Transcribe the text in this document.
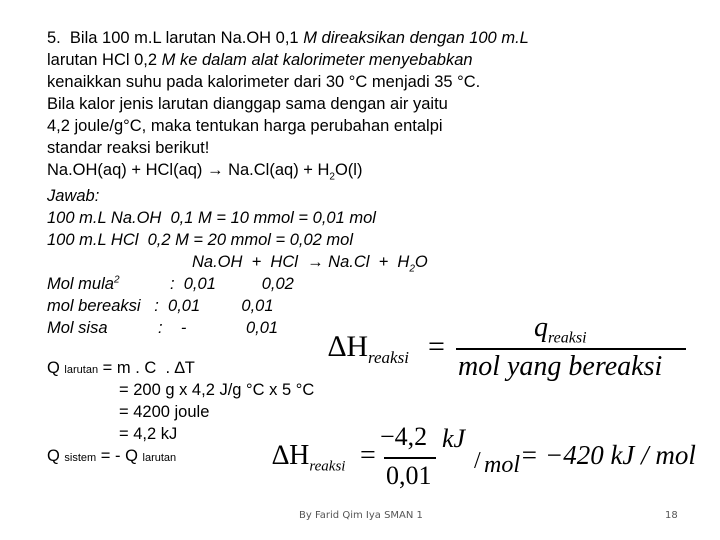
5.  Bila 100 m.L larutan Na.OH 0,1 M direaksikan dengan 100 m.L
larutan HCl 0,2 M ke dalam alat kalorimeter menyebabkan
kenaikkan suhu pada kalorimeter dari 30 °C menjadi 35 °C.
Bila kalor jenis larutan dianggap sama dengan air yaitu
4,2 joule/g°C, maka tentukan harga perubahan entalpi
standar reaksi berikut!
$Na.OH(aq) + HCl(aq) \to Na.Cl(aq) + H_2O(l)$
Jawab:
100 m.L Na.OH  0,1 M = 10 mmol = 0,01 mol
100 m.L HCl  0,2 M = 20 mmol = 0,02 mol
Na.OH  +  HCl  → $Na.Cl + H_2O$
Mol mula$^2$	:  0,01          0,02
mol bereaksi   :  0,01         0,01
Mol sisa           :    -             0,01
Q larutan = m . C  . ∆T
= 200 g x 4,2 J/g °C x 5 °C
= 4200 joule
= 4,2 kJ
Q sistem = - Q larutan
$\Delta H_{reaksi}$ =
$q_{reaksi}$
mol yang bereaksi
$\Delta H_{reaksi}$ =
−4,2
0,01
kJ
/ mol = −420 kJ / mol
By Farid Qim Iya SMAN 1	18
